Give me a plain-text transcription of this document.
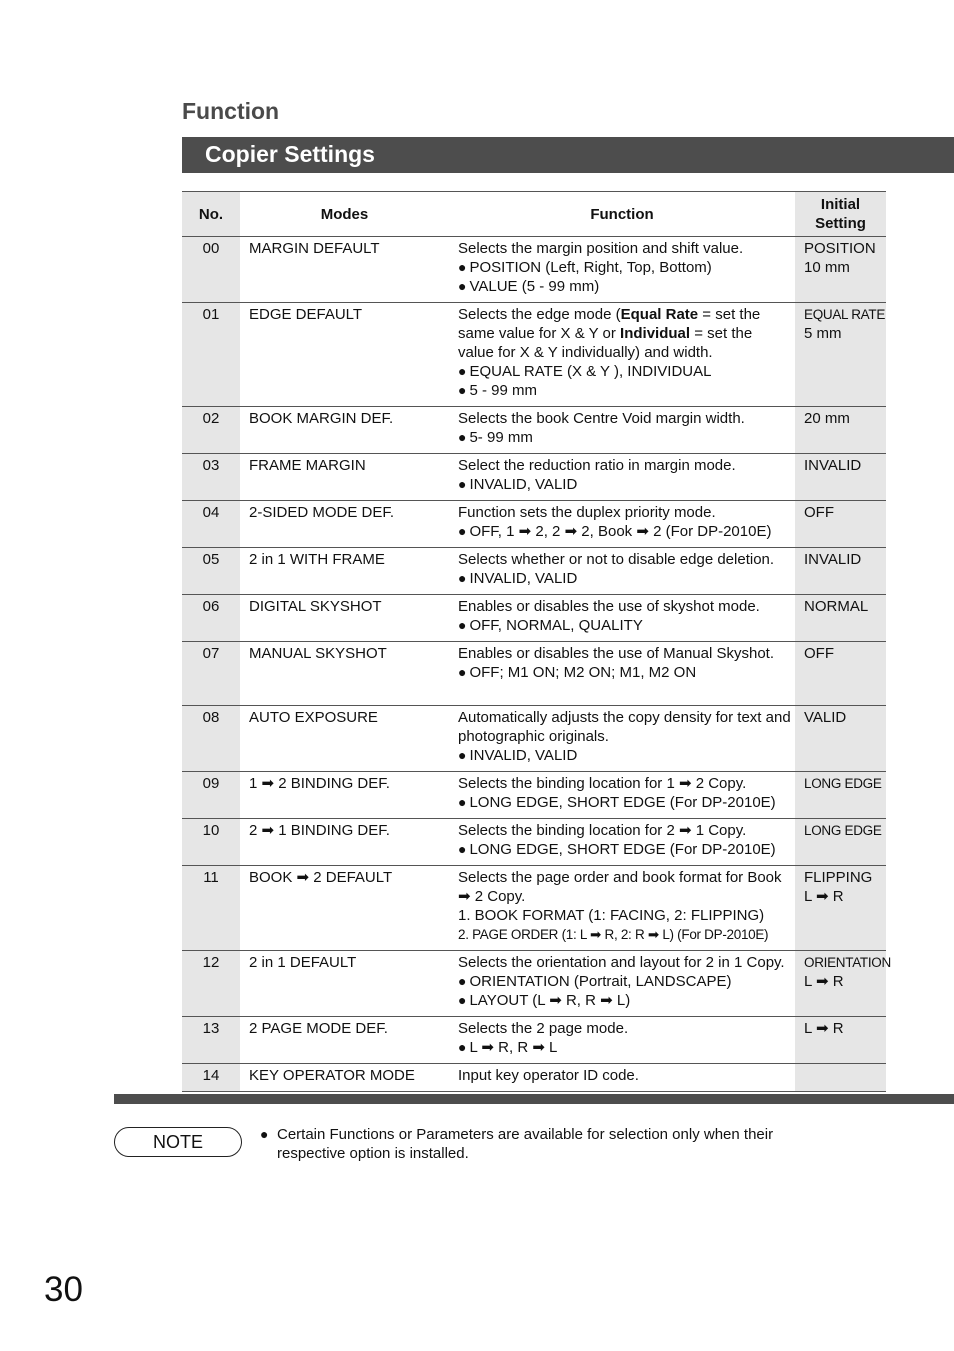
Function
Copier Settings
No.	Modes	Function	Initial Setting
00	MARGIN DEFAULT	Selects the margin position and shift value.
● POSITION (Left, Right, Top, Bottom)
● VALUE (5 - 99 mm)	POSITION
10 mm

01	EDGE DEFAULT	Selects the edge mode (Equal Rate = set the same value for X & Y or Individual = set the value for X & Y individually) and width.
● EQUAL RATE (X & Y ), INDIVIDUAL
● 5 - 99 mm	EQUAL RATE
5 mm

02	BOOK MARGIN DEF.	Selects the book Centre Void margin width.
● 5- 99 mm	20 mm

03	FRAME MARGIN	Select the reduction ratio in margin mode.
● INVALID, VALID	INVALID

04	2-SIDED MODE DEF.	Function sets the duplex priority mode.
● OFF, 1 ➡ 2, 2 ➡ 2, Book ➡ 2 (For DP-2010E)	OFF

05	2 in 1 WITH FRAME	Selects whether or not to disable edge deletion.
● INVALID, VALID	INVALID

06	DIGITAL SKYSHOT	Enables or disables the use of skyshot mode.
● OFF, NORMAL, QUALITY	NORMAL

07	MANUAL SKYSHOT	Enables or disables the use of Manual Skyshot.
● OFF; M1 ON; M2 ON; M1, M2 ON	OFF

08	AUTO EXPOSURE	Automatically adjusts the copy density for text and photographic originals.
● INVALID, VALID	VALID

09	1 ➡ 2 BINDING DEF.	Selects the binding location for 1 ➡ 2 Copy.
● LONG EDGE, SHORT EDGE (For DP-2010E)	LONG EDGE

10	2 ➡ 1 BINDING DEF.	Selects the binding location for 2 ➡ 1 Copy.
● LONG EDGE, SHORT EDGE (For DP-2010E)	LONG EDGE

11	BOOK ➡ 2 DEFAULT	Selects the page order and book format for Book ➡ 2 Copy.
1. BOOK FORMAT (1: FACING, 2: FLIPPING)
2. PAGE ORDER (1: L ➡ R, 2: R ➡ L) (For DP-2010E)	FLIPPING
L ➡ R

12	2 in 1 DEFAULT	Selects the orientation and layout for 2 in 1 Copy.
● ORIENTATION (Portrait, LANDSCAPE)
● LAYOUT (L ➡ R, R ➡ L)	ORIENTATION
L ➡ R

13	2 PAGE MODE DEF.	Selects the 2 page mode.
● L ➡ R, R ➡ L	L ➡ R

14	KEY OPERATOR MODE	Input key operator ID code.	

NOTE	● Certain Functions or Parameters are available for selection only when their respective option is installed.
30
